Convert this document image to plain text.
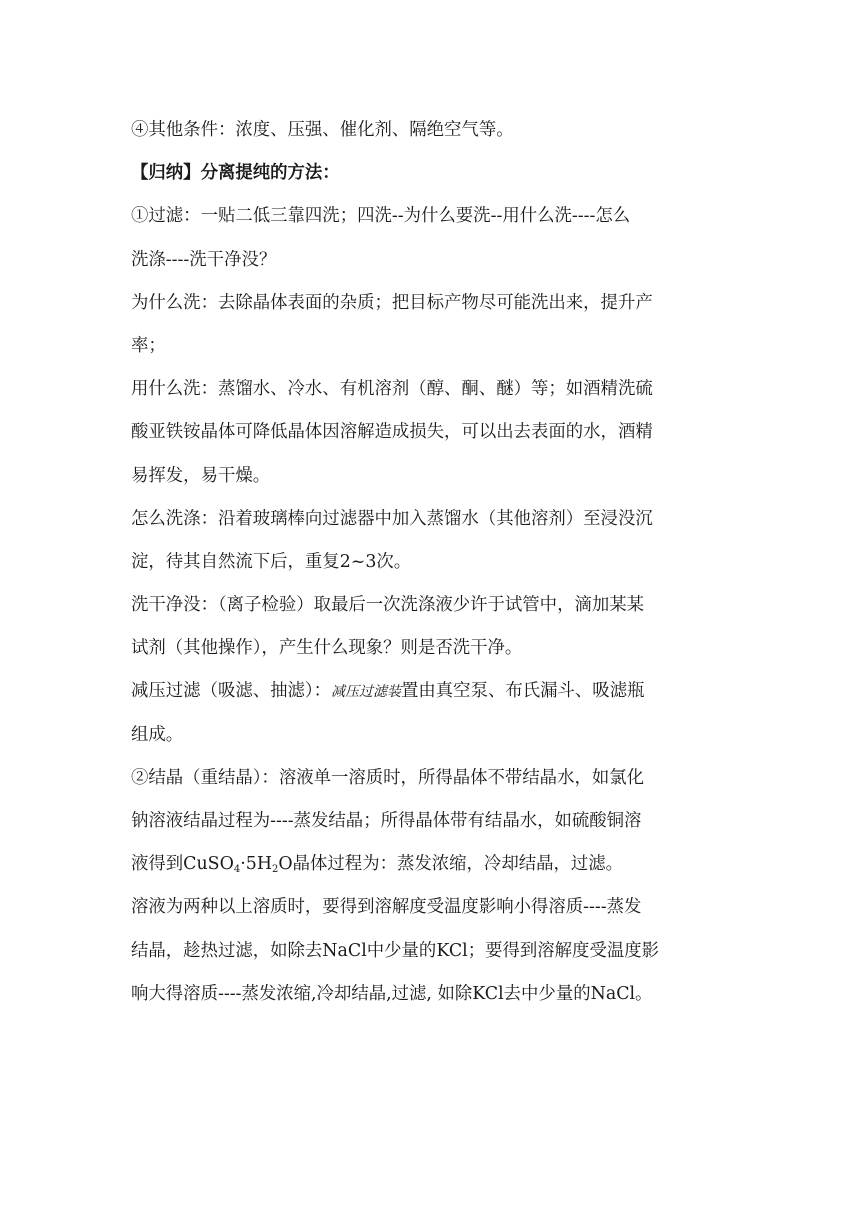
④其他条件：浓度、压强、催化剂、隔绝空气等。
【归纳】分离提纯的方法：
①过滤：一贴二低三靠四洗；四洗--为什么要洗--用什么洗----怎么
洗涤----洗干净没？
为什么洗：去除晶体表面的杂质；把目标产物尽可能洗出来，提升产
率；
用什么洗：蒸馏水、冷水、有机溶剂（醇、酮、醚）等；如酒精洗硫
酸亚铁铵晶体可降低晶体因溶解造成损失，可以出去表面的水，酒精
易挥发，易干燥。
怎么洗涤：沿着玻璃棒向过滤器中加入蒸馏水（其他溶剂）至浸没沉
淀，待其自然流下后，重复2~3次。
洗干净没：（离子检验）取最后一次洗涤液少许于试管中，滴加某某
试剂（其他操作），产生什么现象？则是否洗干净。
减压过滤（吸滤、抽滤）：减压过滤装置由真空泵、布氏漏斗、吸滤瓶
组成。
②结晶（重结晶）：溶液单一溶质时，所得晶体不带结晶水，如氯化
钠溶液结晶过程为----蒸发结晶；所得晶体带有结晶水，如硫酸铜溶
液得到$CuSO_4\cdot 5H_2O$晶体过程为：蒸发浓缩，冷却结晶，过滤。
溶液为两种以上溶质时，要得到溶解度受温度影响小得溶质----蒸发
结晶，趁热过滤，如除去NaCl中少量的KCl；要得到溶解度受温度影
响大得溶质----蒸发浓缩,冷却结晶,过滤, 如除KCl去中少量的NaCl。
